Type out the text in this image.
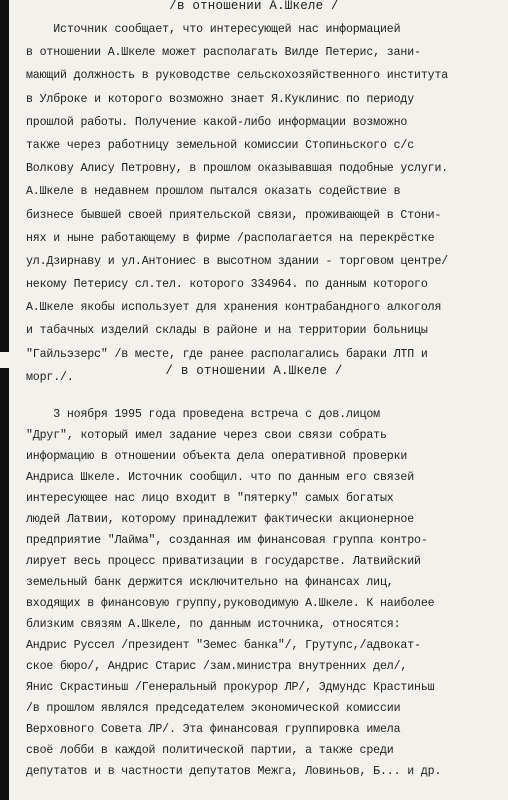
/в отношении А.Шкеле /
Источник сообщает, что интересующей нас информацией
в отношении А.Шкеле может располагать Вилде Петерис, зани-
мающий должность в руководстве сельскохозяйственного института
в Улброке и которого возможно знает Я.Куклинис по периоду
прошлой работы. Получение какой-либо информации возможно
также через работницу земельной комиссии Стопиньского с/с
Волкову Алису Петровну, в прошлом оказывавшая подобные услуги.
А.Шкеле в недавнем прошлом пытался оказать содействие в
бизнесе бывшей своей приятельской связи, проживающей в Стони-
нях и ныне работающему в фирме /располагается на перекрёстке
ул.Дзирнаву и ул.Антониес в высотном здании - торговом центре/
некому Петерису сл.тел. которого 334964. по данным которого
А.Шкеле якобы использует для хранения контрабандного алкоголя
и табачных изделий склады в районе и на территории больницы
"Гайльэзерс" /в месте, где ранее располагались бараки ЛТП и
морг./.	/ в отношении А.Шкеле /
3 ноября 1995 года проведена встреча с дов.лицом
"Друг", который имел задание через свои связи собрать
информацию в отношении объекта дела оперативной проверки
Андриса Шкеле. Источник сообщил. что по данным его связей
интересующее нас лицо входит в "пятерку" самых богатых
людей Латвии, которому принадлежит фактически акционерное
предприятие "Лайма", созданная им финансовая группа контро-
лирует весь процесс приватизации в государстве. Латвийский
земельный банк держится исключительно на финансах лиц,
входящих в финансовую группу,руководимую А.Шкеле. К наиболее
близким связям А.Шкеле, по данным источника, относятся:
Андрис Руссел /президент "Земес банка"/, Грутупс,/адвокат-
ское бюро/, Андрис Старис /зам.министра внутренних дел/,
Янис Скрастиньш /Генеральный прокурор ЛР/, Эдмундс Крастиньш
/в прошлом являлся председателем экономической комиссии
Верховного Совета ЛР/. Эта финансовая группировка имела
своё лобби в каждой политической партии, а также среди
депутатов и в частности депутатов Межга, Ловиньов, Б... и др.
